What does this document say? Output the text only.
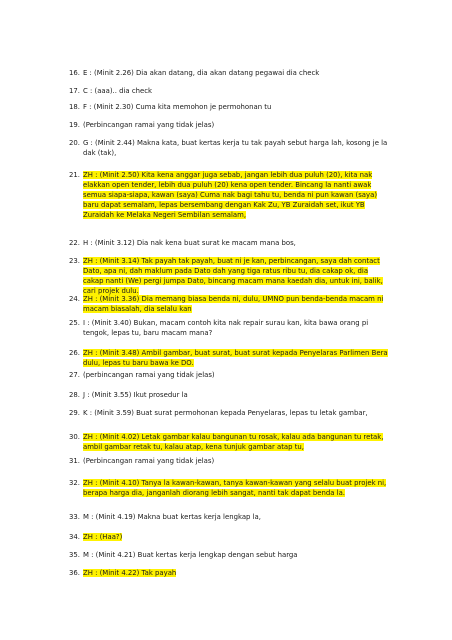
16. E : (Minit 2.26) Dia akan datang, dia akan datang pegawai dia check
17. C : (aaa).. dia check
18. F : (Minit 2.30) Cuma kita memohon je permohonan tu
19. (Perbincangan ramai yang tidak jelas)
20. G : (Minit 2.44) Makna kata, buat kertas kerja tu tak payah sebut harga lah, kosong je la
dak (tak),
21. ZH : (Minit 2.50) Kita kena anggar juga sebab, jangan lebih dua puluh (20), kita nak
elakkan open tender, lebih dua puluh (20) kena open tender. Bincang la nanti awak
semua siapa-siapa, kawan (saya) Cuma nak bagi tahu tu, benda ni pun kawan (saya)
baru dapat semalam, lepas bersembang dengan Kak Zu, YB Zuraidah set, ikut YB
Zuraidah ke Melaka Negeri Sembilan semalam,
22. H : (Minit 3.12) Dia nak kena buat surat ke macam mana bos,
23. ZH : (Minit 3.14) Tak payah tak payah, buat ni je kan, perbincangan, saya dah contact
Dato, apa ni, dah maklum pada Dato dah yang tiga ratus ribu tu, dia cakap ok, dia
cakap nanti (We) pergi jumpa Dato, bincang macam mana kaedah dia, untuk ini, balik,
cari projek dulu.
24. ZH : (Minit 3.36) Dia memang biasa benda ni, dulu, UMNO pun benda-benda macam ni
macam biasalah, dia selalu kan
25. I : (Minit 3.40) Bukan, macam contoh kita nak repair surau kan, kita bawa orang pi
tengok, lepas tu, baru macam mana?
26. ZH : (Minit 3.48) Ambil gambar, buat surat, buat surat kepada Penyelaras Parlimen Bera
dulu, lepas tu baru bawa ke DO.
27. (perbincangan ramai yang tidak jelas)
28. J : (Minit 3.55) Ikut prosedur la
29. K : (Minit 3.59) Buat surat permohonan kepada Penyelaras, lepas tu letak gambar,
30. ZH : (Minit 4.02) Letak gambar kalau bangunan tu rosak, kalau ada bangunan tu retak,
ambil gambar retak tu, kalau atap, kena tunjuk gambar atap tu,
31. (Perbincangan ramai yang tidak jelas)
32. ZH : (Minit 4.10) Tanya la kawan-kawan, tanya kawan-kawan yang selalu buat projek ni,
berapa harga dia, janganlah diorang lebih sangat, nanti tak dapat benda la.
33. M : (Minit 4.19) Makna buat kertas kerja lengkap la,
34. ZH : (Haa?)
35. M : (Minit 4.21) Buat kertas kerja lengkap dengan sebut harga
36. ZH : (Minit 4.22) Tak payah
